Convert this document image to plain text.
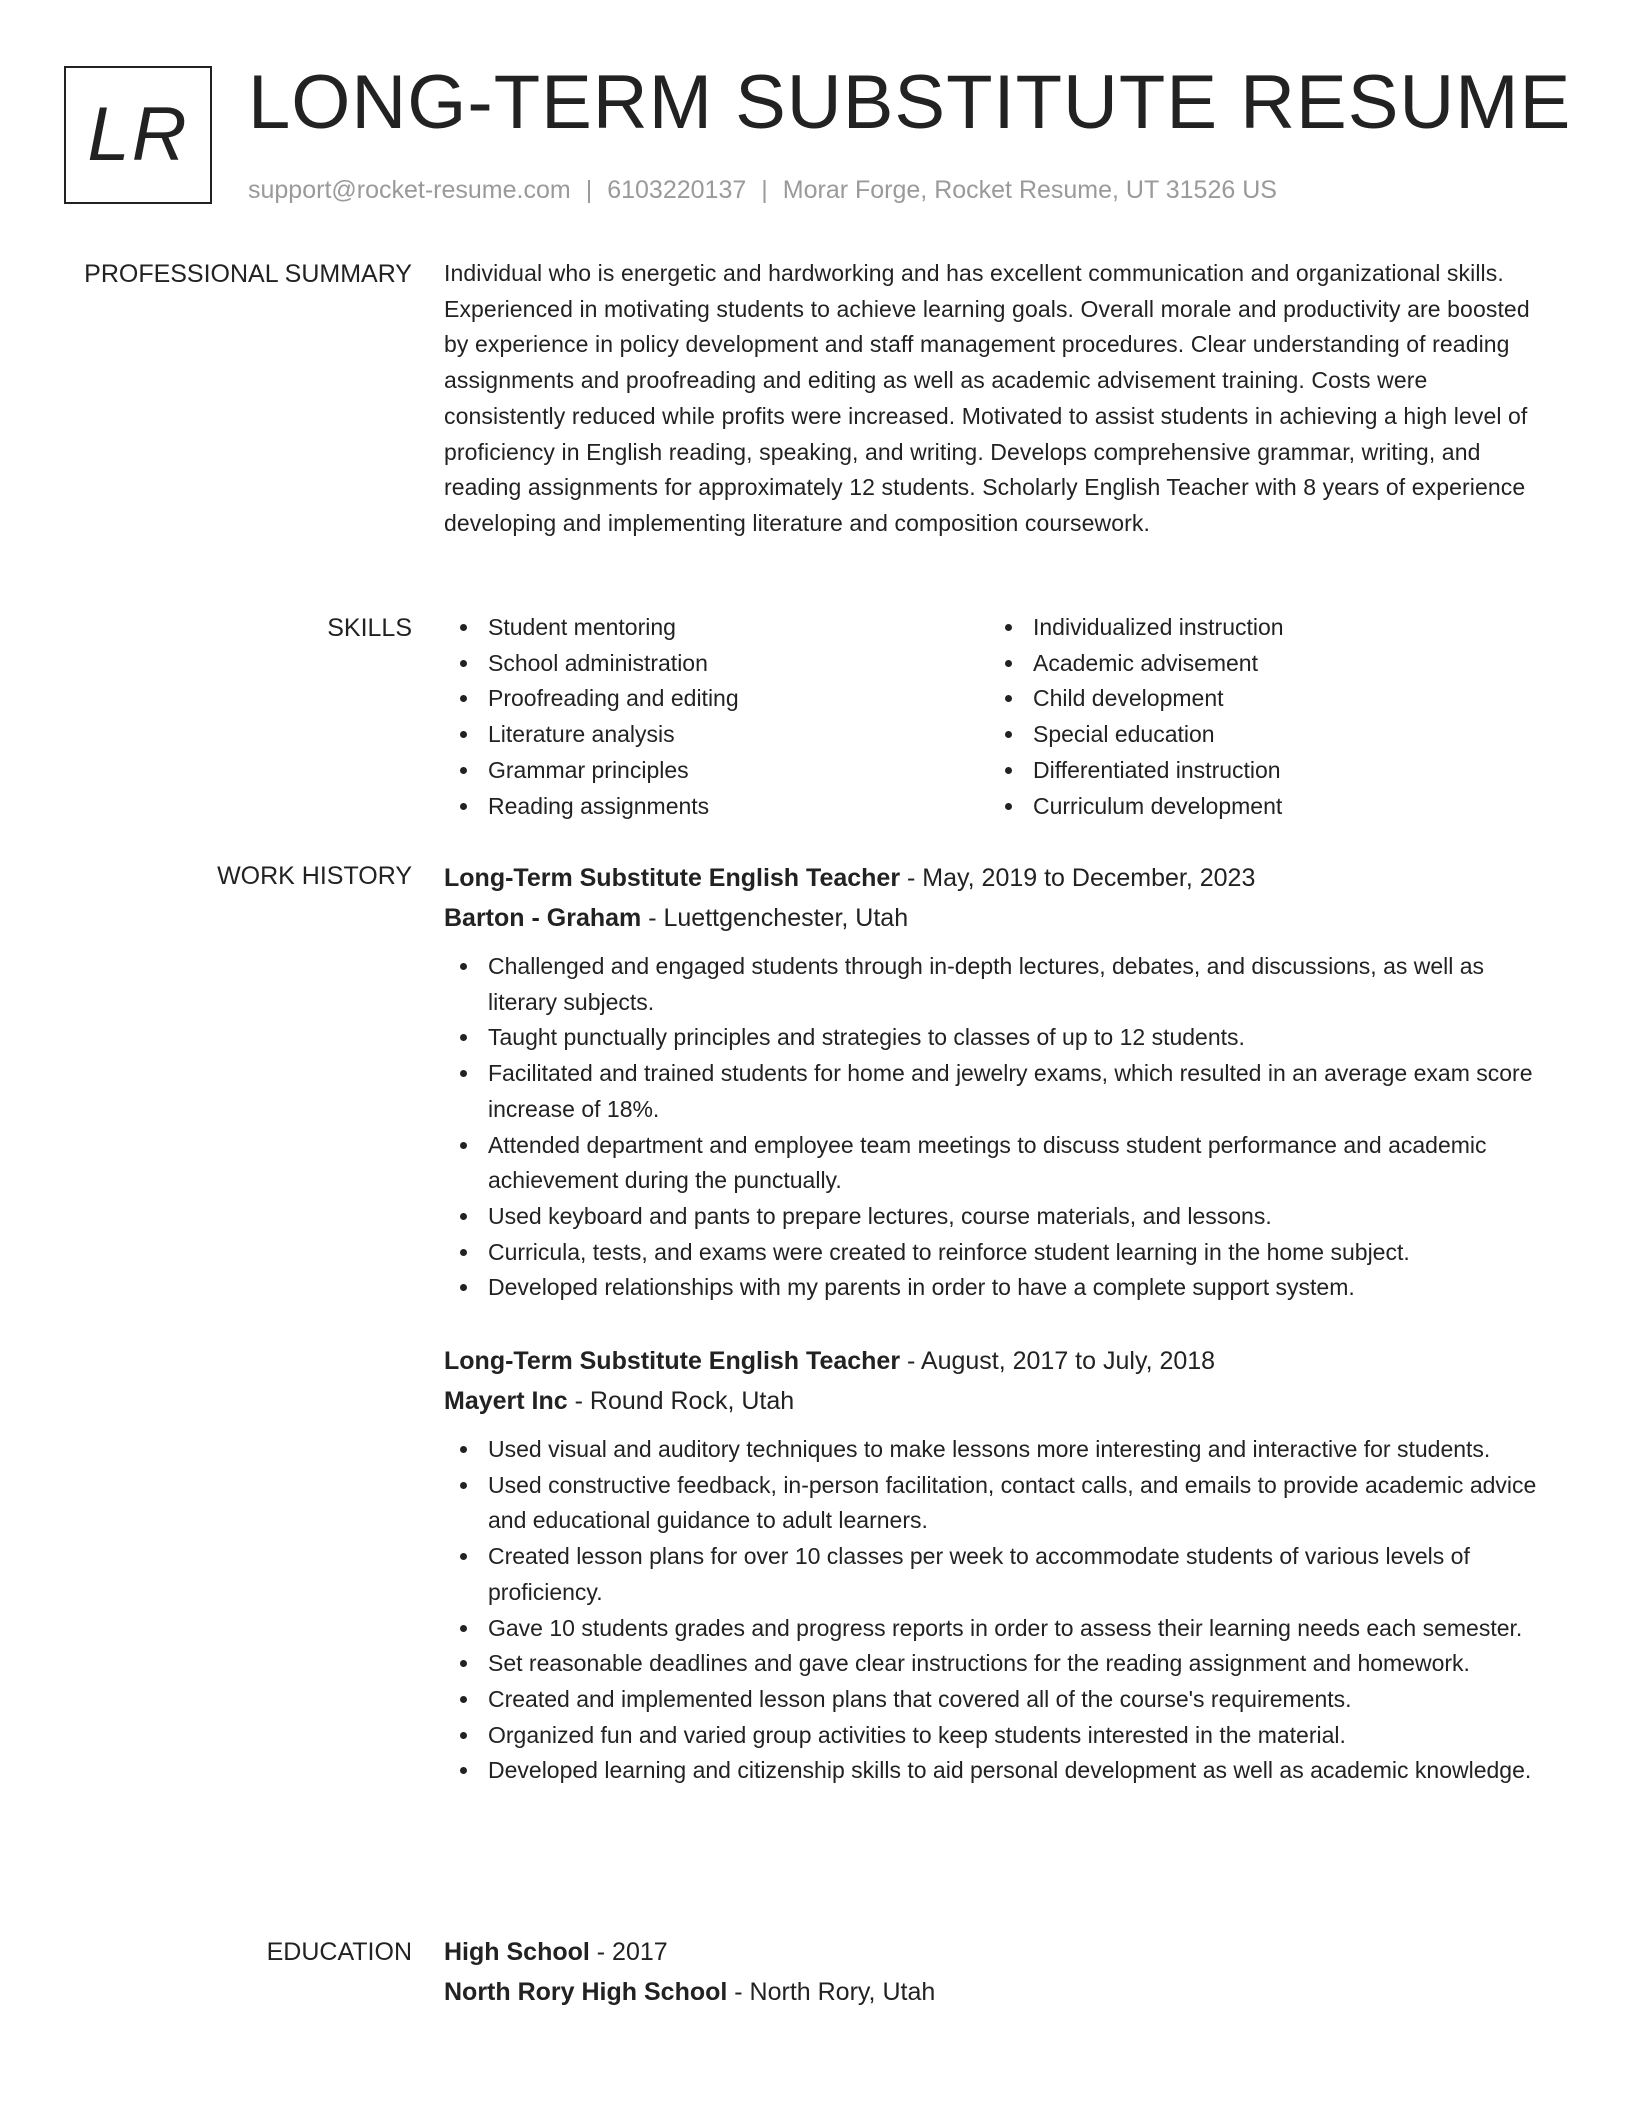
LR LONG-TERM SUBSTITUTE RESUME
support@rocket-resume.com | 6103220137 | Morar Forge, Rocket Resume, UT 31526 US
PROFESSIONAL SUMMARY Individual who is energetic and hardworking and has excellent communication and organizational skills. Experienced in motivating students to achieve learning goals. Overall morale and productivity are boosted by experience in policy development and staff management procedures. Clear understanding of reading assignments and proofreading and editing as well as academic advisement training. Costs were consistently reduced while profits were increased. Motivated to assist students in achieving a high level of proficiency in English reading, speaking, and writing. Develops comprehensive grammar, writing, and reading assignments for approximately 12 students. Scholarly English Teacher with 8 years of experience developing and implementing literature and composition coursework.

SKILLS	Student mentoring
School administration
Proofreading and editing
Literature analysis
Grammar principles
Reading assignments
Individualized instruction
Academic advisement
Child development
Special education
Differentiated instruction
Curriculum development
WORK HISTORY Long-Term Substitute English Teacher - May, 2019 to December, 2023
Barton - Graham - Luettgenchester, Utah
Challenged and engaged students through in-depth lectures, debates, and discussions, as well as literary subjects.
Taught punctually principles and strategies to classes of up to 12 students.
Facilitated and trained students for home and jewelry exams, which resulted in an average exam score increase of 18%.
Attended department and employee team meetings to discuss student performance and academic achievement during the punctually.
Used keyboard and pants to prepare lectures, course materials, and lessons.
Curricula, tests, and exams were created to reinforce student learning in the home subject.
Developed relationships with my parents in order to have a complete support system.
Long-Term Substitute English Teacher - August, 2017 to July, 2018
Mayert Inc - Round Rock, Utah
Used visual and auditory techniques to make lessons more interesting and interactive for students.
Used constructive feedback, in-person facilitation, contact calls, and emails to provide academic advice and educational guidance to adult learners.
Created lesson plans for over 10 classes per week to accommodate students of various levels of proficiency.
Gave 10 students grades and progress reports in order to assess their learning needs each semester.
Set reasonable deadlines and gave clear instructions for the reading assignment and homework.
Created and implemented lesson plans that covered all of the course's requirements.
Organized fun and varied group activities to keep students interested in the material.
Developed learning and citizenship skills to aid personal development as well as academic knowledge.
EDUCATION High School - 2017
North Rory High School - North Rory, Utah
